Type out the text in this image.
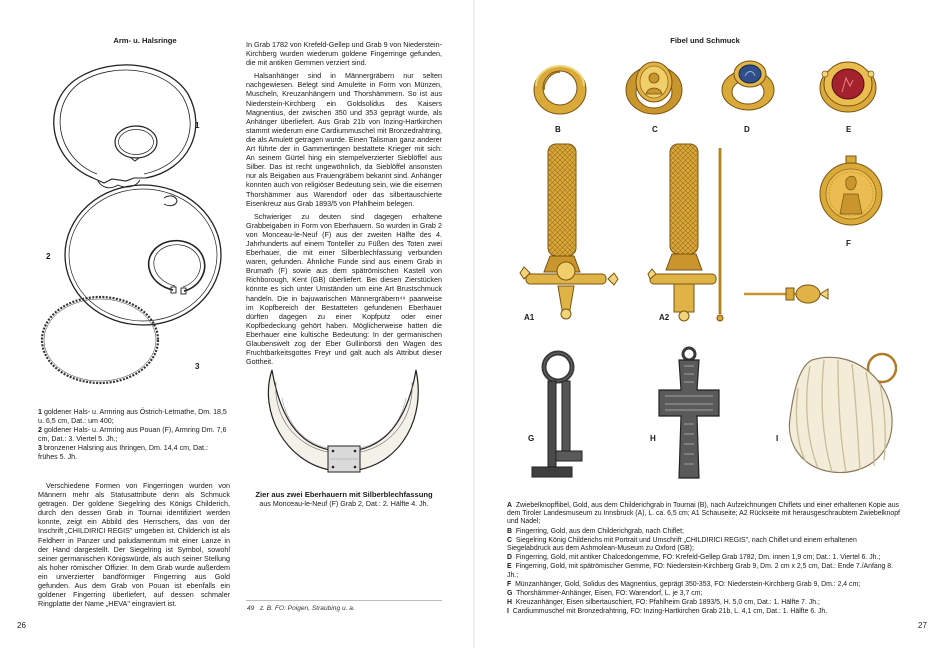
Arm- u. Halsringe
1
2
3
1 goldener Hals- u. Armring aus Östrich-Letmathe, Dm. 18,5 u. 6,5 cm, Dat.: um 400;
2 goldener Hals- u. Armring aus Pouan (F), Armring Dm. 7,6 cm, Dat.: 3. Viertel 5. Jh.;
3 bronzener Halsring aus Ihringen, Dm. 14,4 cm, Dat.: frühes 5. Jh.

Verschiedene Formen von Fingerringen wurden von Männern mehr als Statusattribute denn als Schmuck getragen. Der goldene Siegelring des Königs Childerich, durch den dessen Grab in Tournai identifiziert werden konnte, zeigt ein Abbild des Herrschers, das von der Inschrift „CHILDIRICI REGIS" umgeben ist. Childerich ist als Feldherr in Panzer und paludamentum mit einer Lanze in der Hand dargestellt. Der Siegelring ist Symbol, sowohl seiner germanischen Königswürde, als auch seiner Stellung als hoher römischer Offizier. In dem Grab wurde außerdem ein unverzierter bandförmiger Fingerring aus Gold gefunden. Aus dem Grab von Pouan ist ebenfalls ein goldener Fingerring überliefert, auf dessen schmaler Ringplatte der Name „HEVA" eingraviert ist.

26

In Grab 1782 von Krefeld-Gellep und Grab 9 von Niederstein-Kirchberg wurden wiederum goldene Fingerringe gefunden, die mit antiken Gemmen verziert sind.

Halsanhänger sind in Männergräbern nur selten nachgewiesen. Belegt sind Amulette in Form von Münzen, Muscheln, Kreuzanhängern und Thorshämmern. So ist aus Niederstein-Kirchberg ein Goldsolidus des Kaisers Magnentius, der zwischen 350 und 353 geprägt wurde, als Anhänger überliefert. Aus Grab 21b von Inzing-Hartkirchen stammt wiederum eine Cardiummuschel mit Bronzedrahtring, die als Amulett getragen wurde. Einen Talisman ganz anderer Art führte der in Gammertingen bestattete Krieger mit sich: An seinem Gürtel hing ein stempelverzierter Sieblöffel aus Silber. Das ist recht ungewöhnlich, da Sieblöffel ansonsten nur als Beigaben aus Frauengräbern bekannt sind. Anhänger konnten auch von religiöser Bedeutung sein, wie die eisernen Thorshämmer aus Warendorf oder das silbertauschierte Eisenkreuz aus Grab 1893/5 von Pfahlheim belegen.

Schwieriger zu deuten sind dagegen erhaltene Grabbeigaben in Form von Eberhauern. So wurden in Grab 2 von Monceau-le-Neuf (F) aus der zweiten Hälfte des 4. Jahrhunderts auf einem Tonteller zu Füßen des Toten zwei Eberhauer, die mit einer Silberblechfassung verbunden waren, gefunden. Ähnliche Funde sind aus einem Grab in Brumath (F) sowie aus dem spätrömischen Kastell von Richborough, Kent (GB) überliefert. Bei diesen Zierstücken könnte es sich unter Umständen um eine Art Brustschmuck handeln. Die in bajuwarischen Männergräbern⁴⁹ paarweise im Kopfbereich der Bestatteten gefundenen Eberhauer dürften dagegen zu einer Kopfputz oder einer Kopfbedeckung gehört haben. Möglicherweise hatten die Eberhauer eine kultische Bedeutung: In der germanischen Glaubenswelt zog der Eber Gullinborsti den Wagen des Fruchtbarkeitsgottes Freyr und galt auch als Attribut dieser Gottheit.

Zier aus zwei Eberhauern mit Silberblechfassung
aus Monceau-le-Neuf (F) Grab 2, Dat.: 2. Hälfte 4. Jh.
49 z. B. FO: Poigen, Straubing u. a.
Fibel und Schmuck
B	C	D	E
A1	A2
F
G	H	I
A Zwiebelknopffibel, Gold, aus dem Childerichgrab in Tournai (B), nach Aufzeichnungen Chiflets und einer erhaltenen Kopie aus dem Tiroler Landesmuseum zu Innsbruck (A), L. ca. 6,5 cm; A1 Schauseite; A2 Rückseite mit herausgeschraubtem Zwiebelknopf und Nadel;
B Fingerring, Gold, aus dem Childerichgrab, nach Chiflet;
C Siegelring König Childerichs mit Portrait und Umschrift „CHILDIRICI REGIS", nach Chiflet und einem erhaltenen Siegelabdruck aus dem Ashmolean-Museum zu Oxford (GB);
D Fingerring, Gold, mit antiker Chalcedongemme, FO: Krefeld-Gellep Grab 1782, Dm. innen 1,9 cm; Dat.: 1. Viertel 6. Jh.;
E Fingerring, Gold, mit spätrömischer Gemme, FO: Niederstein-Kirchberg Grab 9, Dm. 2 cm x 2,5 cm, Dat.: Ende 7./Anfang 8. Jh.;
F Münzanhänger, Gold, Solidus des Magnentius, geprägt 350-353, FO: Niederstein-Kirchberg Grab 9, Dm.: 2,4 cm;
G Thorshämmer-Anhänger, Eisen, FO: Warendorf, L. je 3,7 cm;
H Kreuzanhänger, Eisen silbertauschiert, FO: Pfahlheim Grab 1893/5, H. 5,0 cm, Dat.: 1. Hälfte 7. Jh.;
I Cardiummuschel mit Bronzedrahtring, FO: Inzing-Hartkirchen Grab 21b, L. 4,1 cm, Dat.: 1. Hälfte 6. Jh.
27
